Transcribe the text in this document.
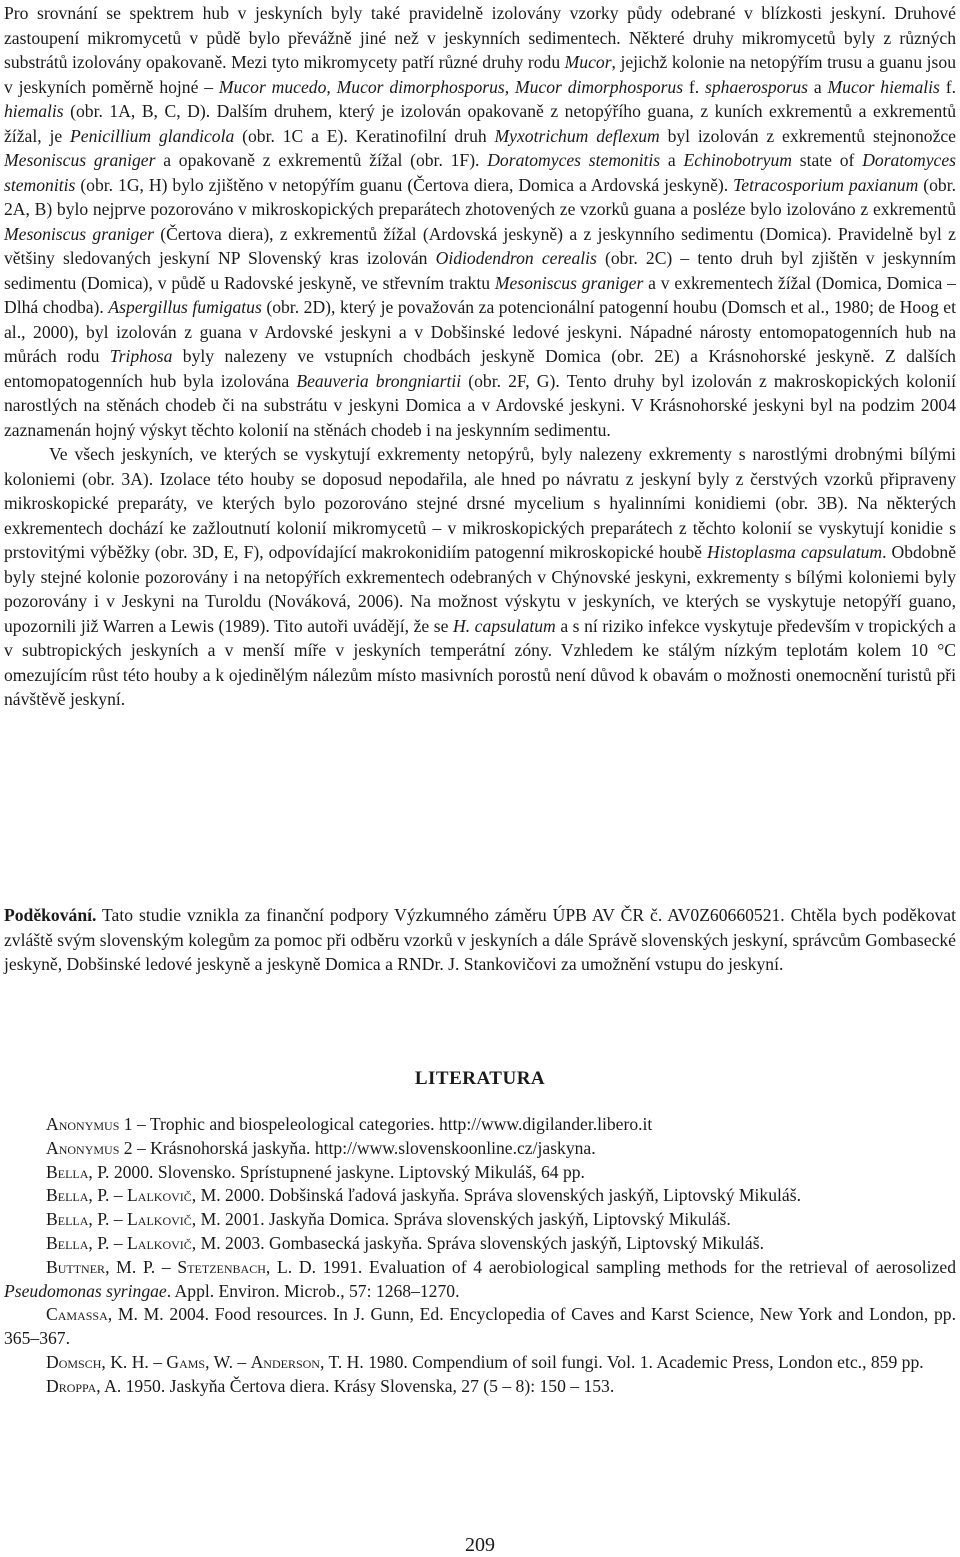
Pro srovnání se spektrem hub v jeskyních byly také pravidelně izolovány vzorky půdy odebrané v blízkosti jeskyní. Druhové zastoupení mikromycetů v půdě bylo převážně jiné než v jeskynních sedimentech. Některé druhy mikromycetů byly z různých substrátů izolovány opakovaně. Mezi tyto mikromycety patří různé druhy rodu Mucor, jejichž kolonie na netopýřím trusu a guanu jsou v jeskyních poměrně hojné – Mucor mucedo, Mucor dimorphosporus, Mucor dimorphosporus f. sphaerosporus a Mucor hiemalis f. hiemalis (obr. 1A, B, C, D). Dalším druhem, který je izolován opakovaně z netopýřího guana, z kuních exkrementů a exkrementů žížal, je Penicillium glandicola (obr. 1C a E). Keratinofilní druh Myxotrichum deflexum byl izolován z exkrementů stejnonožce Mesoniscus graniger a opakovaně z exkrementů žížal (obr. 1F). Doratomyces stemonitis a Echinobotryum state of Doratomyces stemonitis (obr. 1G, H) bylo zjištěno v netopýřím guanu (Čertova diera, Domica a Ardovská jeskyně). Tetracosporium paxianum (obr. 2A, B) bylo nejprve pozorováno v mikroskopických preparátech zhotovených ze vzorků guana a posléze bylo izolováno z exkrementů Mesoniscus graniger (Čertova diera), z exkrementů žížal (Ardovská jeskyně) a z jeskynního sedimentu (Domica). Pravidelně byl z většiny sledovaných jeskyní NP Slovenský kras izolován Oidiodendron cerealis (obr. 2C) – tento druh byl zjištěn v jeskynním sedimentu (Domica), v půdě u Radovské jeskyně, ve střevním traktu Mesoniscus graniger a v exkrementech žížal (Domica, Domica – Dlhá chodba). Aspergillus fumigatus (obr. 2D), který je považován za potencionální patogenní houbu (Domsch et al., 1980; de Hoog et al., 2000), byl izolován z guana v Ardovské jeskyni a v Dobšinské ledové jeskyni. Nápadné nárosty entomopatogenních hub na můrách rodu Triphosa byly nalezeny ve vstupních chodbách jeskyně Domica (obr. 2E) a Krásnohorské jeskyně. Z dalších entomopatogenních hub byla izolována Beauveria brongniartii (obr. 2F, G). Tento druhy byl izolován z makroskopických kolonií narostlých na stěnách chodeb či na substrátu v jeskyni Domica a v Ardovské jeskyni. V Krásnohorské jeskyni byl na podzim 2004 zaznamenán hojný výskyt těchto kolonií na stěnách chodeb i na jeskynním sedimentu.

Ve všech jeskyních, ve kterých se vyskytují exkrementy netopýrů, byly nalezeny exkrementy s narostlými drobnými bílými koloniemi (obr. 3A). Izolace této houby se doposud nepodařila, ale hned po návratu z jeskyní byly z čerstvých vzorků připraveny mikroskopické preparáty, ve kterých bylo pozorováno stejné drsné mycelium s hyalinními konidiemi (obr. 3B). Na některých exkrementech dochází ke zažloutnutí kolonií mikromycetů – v mikroskopických preparátech z těchto kolonií se vyskytují konidie s prstovitými výběžky (obr. 3D, E, F), odpovídající makrokonidiím patogenní mikroskopické houbě Histoplasma capsulatum. Obdobně byly stejné kolonie pozorovány i na netopýřích exkrementech odebraných v Chýnovské jeskyni, exkrementy s bílými koloniemi byly pozorovány i v Jeskyni na Turoldu (Nováková, 2006). Na možnost výskytu v jeskyních, ve kterých se vyskytuje netopýří guano, upozornili již Warren a Lewis (1989). Tito autoři uvádějí, že se H. capsulatum a s ní riziko infekce vyskytuje především v tropických a v subtropických jeskyních a v menší míře v jeskyních temperátní zóny. Vzhledem ke stálým nízkým teplotám kolem 10 °C omezujícím růst této houby a k ojedinělým nálezům místo masivních porostů není důvod k obavám o možnosti onemocnění turistů při návštěvě jeskyní.

Poděkování. Tato studie vznikla za finanční podpory Výzkumného záměru ÚPB AV ČR č. AV0Z60660521. Chtěla bych poděkovat zvláště svým slovenským kolegům za pomoc při odběru vzorků v jeskyních a dále Správě slovenských jeskyní, správcům Gombasecké jeskyně, Dobšinské ledové jeskyně a jeskyně Domica a RNDr. J. Stankovičovi za umožnění vstupu do jeskyní.

LITERATURA

Anonymus 1 – Trophic and biospeleological categories. http://www.digilander.libero.it

Anonymus 2 – Krásnohorská jaskyňa. http://www.slovenskoonline.cz/jaskyna.

Bella, P. 2000. Slovensko. Sprístupnené jaskyne. Liptovský Mikuláš, 64 pp.

Bella, P. – Lalkovič, M. 2000. Dobšinská ľadová jaskyňa. Správa slovenských jaskýň, Liptovský Mikuláš.

Bella, P. – Lalkovič, M. 2001. Jaskyňa Domica. Správa slovenských jaskýň, Liptovský Mikuláš.

Bella, P. – Lalkovič, M. 2003. Gombasecká jaskyňa. Správa slovenských jaskýň, Liptovský Mikuláš.

Buttner, M. P. – Stetzenbach, L. D. 1991. Evaluation of 4 aerobiological sampling methods for the retrieval of aerosolized Pseudomonas syringae. Appl. Environ. Microb., 57: 1268–1270.

Camassa, M. M. 2004. Food resources. In J. Gunn, Ed. Encyclopedia of Caves and Karst Science, New York and London, pp. 365–367.

Domsch, K. H. – Gams, W. – Anderson, T. H. 1980. Compendium of soil fungi. Vol. 1. Academic Press, London etc., 859 pp.

Droppa, A. 1950. Jaskyňa Čertova diera. Krásy Slovenska, 27 (5 – 8): 150 – 153.

209
